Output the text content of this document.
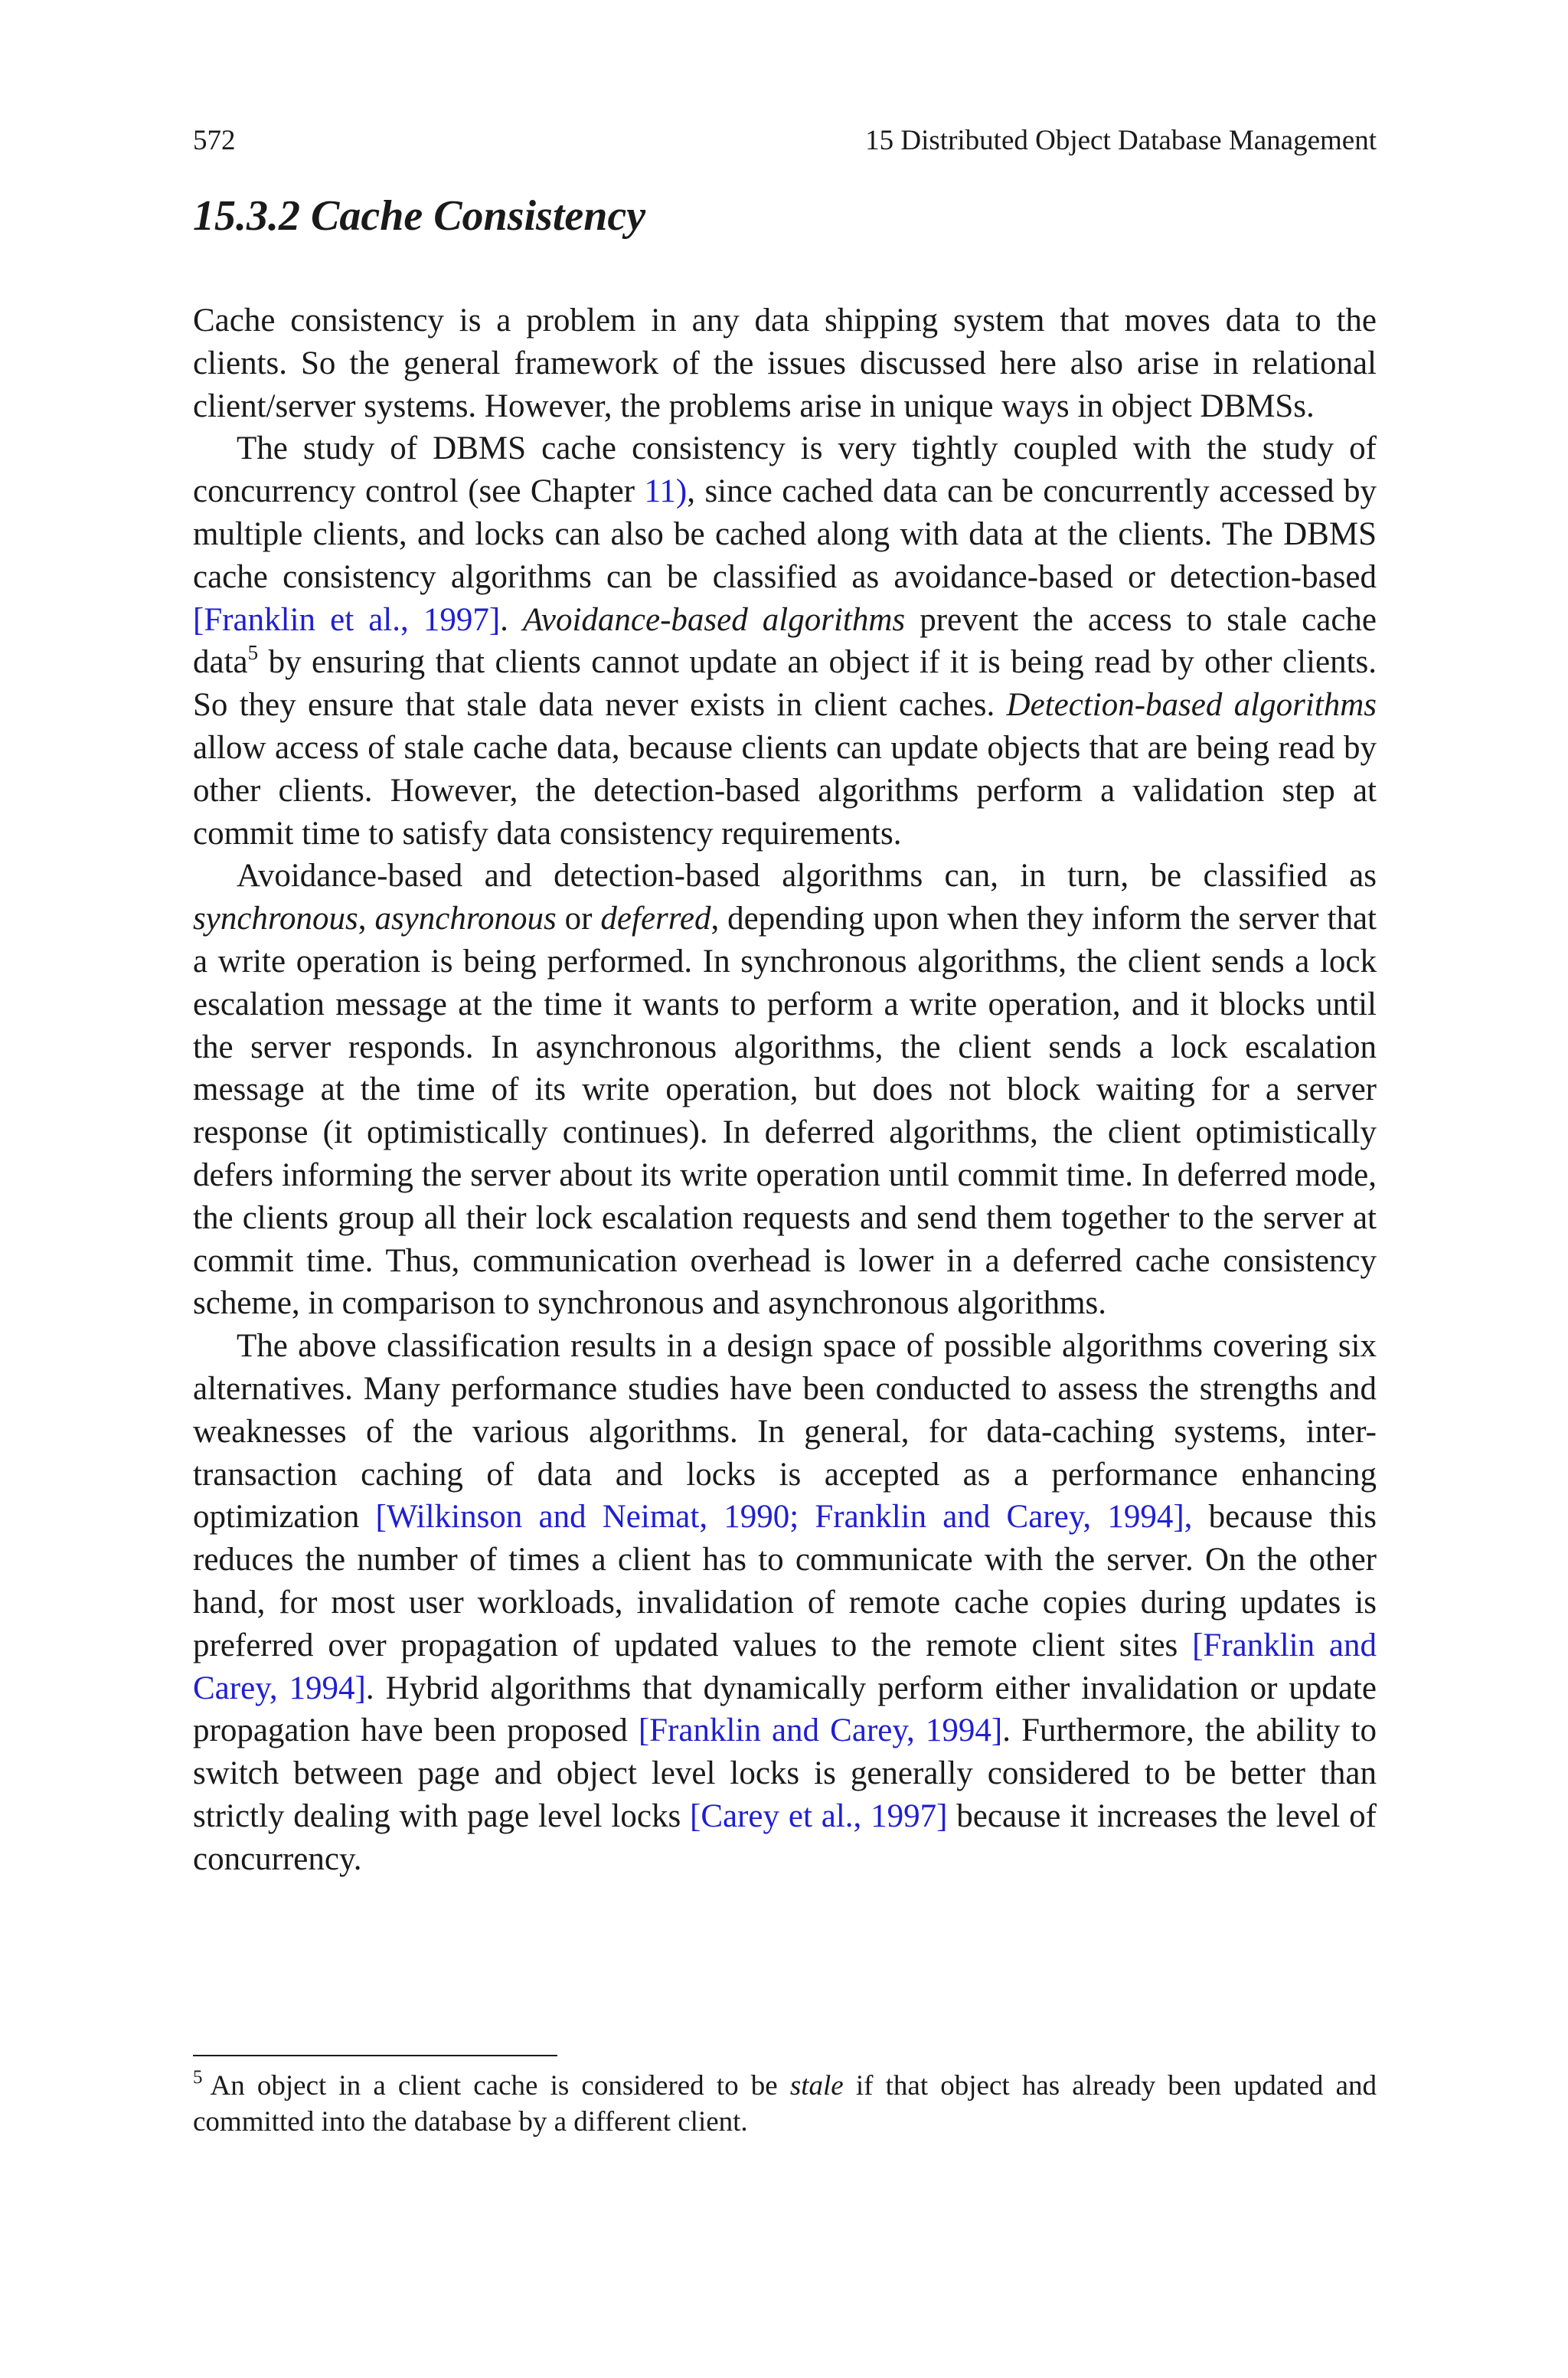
572	15 Distributed Object Database Management
15.3.2 Cache Consistency

Cache consistency is a problem in any data shipping system that moves data to the clients. So the general framework of the issues discussed here also arise in relational client/server systems. However, the problems arise in unique ways in object DBMSs.

The study of DBMS cache consistency is very tightly coupled with the study of concurrency control (see Chapter 11), since cached data can be concurrently accessed by multiple clients, and locks can also be cached along with data at the clients. The DBMS cache consistency algorithms can be classified as avoidance-based or detection-based [Franklin et al., 1997]. Avoidance-based algorithms prevent the access to stale cache data$^5$ by ensuring that clients cannot update an object if it is being read by other clients. So they ensure that stale data never exists in client caches. Detection-based algorithms allow access of stale cache data, because clients can update objects that are being read by other clients. However, the detection-based algorithms perform a validation step at commit time to satisfy data consistency requirements.

Avoidance-based and detection-based algorithms can, in turn, be classified as synchronous, asynchronous or deferred, depending upon when they inform the server that a write operation is being performed. In synchronous algorithms, the client sends a lock escalation message at the time it wants to perform a write operation, and it blocks until the server responds. In asynchronous algorithms, the client sends a lock escalation message at the time of its write operation, but does not block waiting for a server response (it optimistically continues). In deferred algorithms, the client optimistically defers informing the server about its write operation until commit time. In deferred mode, the clients group all their lock escalation requests and send them together to the server at commit time. Thus, communication overhead is lower in a deferred cache consistency scheme, in comparison to synchronous and asynchronous algorithms.

The above classification results in a design space of possible algorithms covering six alternatives. Many performance studies have been conducted to assess the strengths and weaknesses of the various algorithms. In general, for data-caching systems, inter-transaction caching of data and locks is accepted as a performance enhancing optimization [Wilkinson and Neimat, 1990; Franklin and Carey, 1994], because this reduces the number of times a client has to communicate with the server. On the other hand, for most user workloads, invalidation of remote cache copies during updates is preferred over propagation of updated values to the remote client sites [Franklin and Carey, 1994]. Hybrid algorithms that dynamically perform either invalidation or update propagation have been proposed [Franklin and Carey, 1994]. Furthermore, the ability to switch between page and object level locks is generally considered to be better than strictly dealing with page level locks [Carey et al., 1997] because it increases the level of concurrency.

$^5$ An object in a client cache is considered to be stale if that object has already been updated and committed into the database by a different client.
